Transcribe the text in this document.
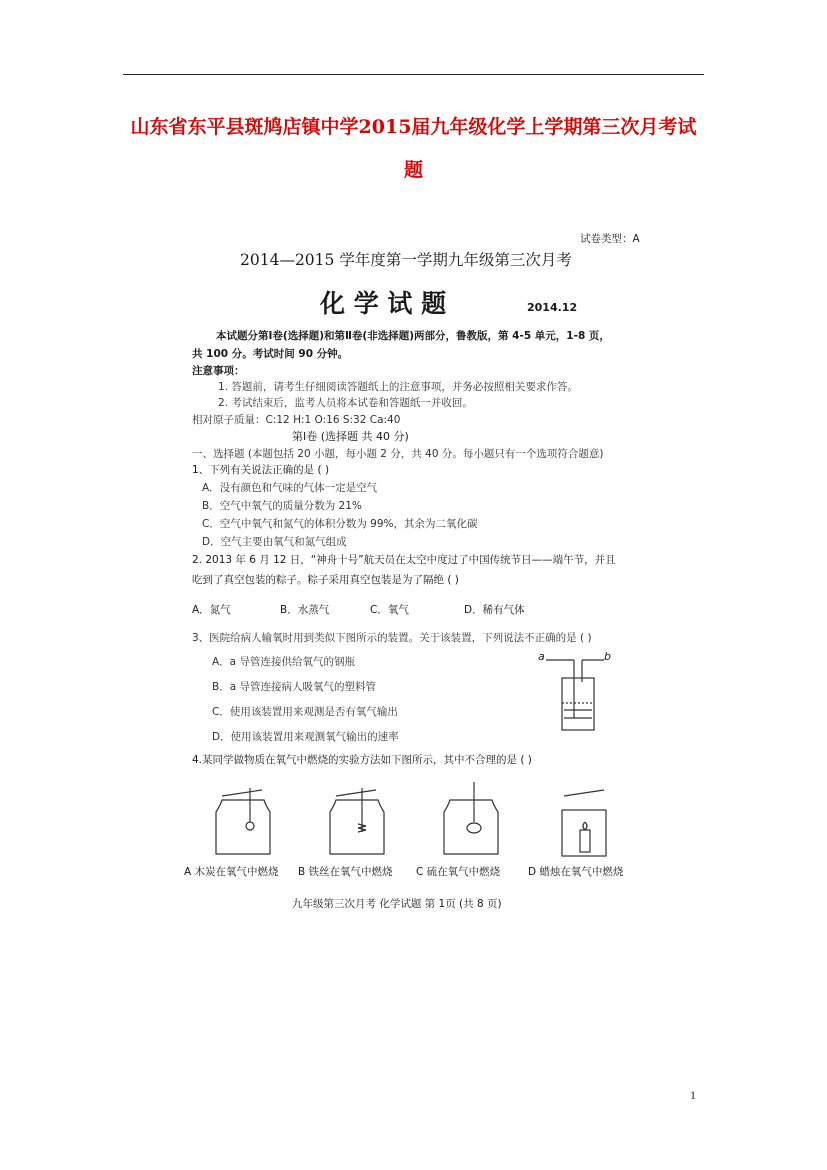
山东省东平县斑鸠店镇中学2015届九年级化学上学期第三次月考试
题
试卷类型：A
2014—2015 学年度第一学期九年级第三次月考
化 学 试 题	2014.12
本试题分第Ⅰ卷(选择题)和第Ⅱ卷(非选择题)两部分，鲁教版，第 4-5 单元，1-8 页，
共 100 分。考试时间 90 分钟。
注意事项：
1. 答题前，请考生仔细阅读答题纸上的注意事项，并务必按照相关要求作答。
2. 考试结束后，监考人员将本试卷和答题纸一并收回。
相对原子质量：C:12 H:1 O:16 S:32 Ca:40
第Ⅰ卷 (选择题 共 40 分)
一、选择题 (本题包括 20 小题，每小题 2 分，共 40 分。每小题只有一个选项符合题意)
1、下列有关说法正确的是 ( )
A．没有颜色和气味的气体一定是空气
B．空气中氧气的质量分数为 21%
C．空气中氧气和氮气的体积分数为 99%，其余为二氧化碳
D．空气主要由氧气和氮气组成
2. 2013 年 6 月 12 日，“神舟十号”航天员在太空中度过了中国传统节日——端午节，并且
吃到了真空包装的粽子。粽子采用真空包装是为了隔绝 ( )
A．氮气	B．水蒸气	C．氧气	D．稀有气体
3、医院给病人输氧时用到类似下图所示的装置。关于该装置，下列说法不正确的是 ( )
A．a 导管连接供给氧气的钢瓶
B．a 导管连接病人吸氧气的塑料管
C．使用该装置用来观测是否有氧气输出
D．使用该装置用来观测氧气输出的速率
a	b
4.某同学做物质在氧气中燃烧的实验方法如下图所示，其中不合理的是 ( )
A 木炭在氧气中燃烧 B 铁丝在氧气中燃烧 C 硫在氧气中燃烧	D 蜡烛在氧气中燃烧
九年级第三次月考 化学试题 第 1页 (共 8 页)
1
